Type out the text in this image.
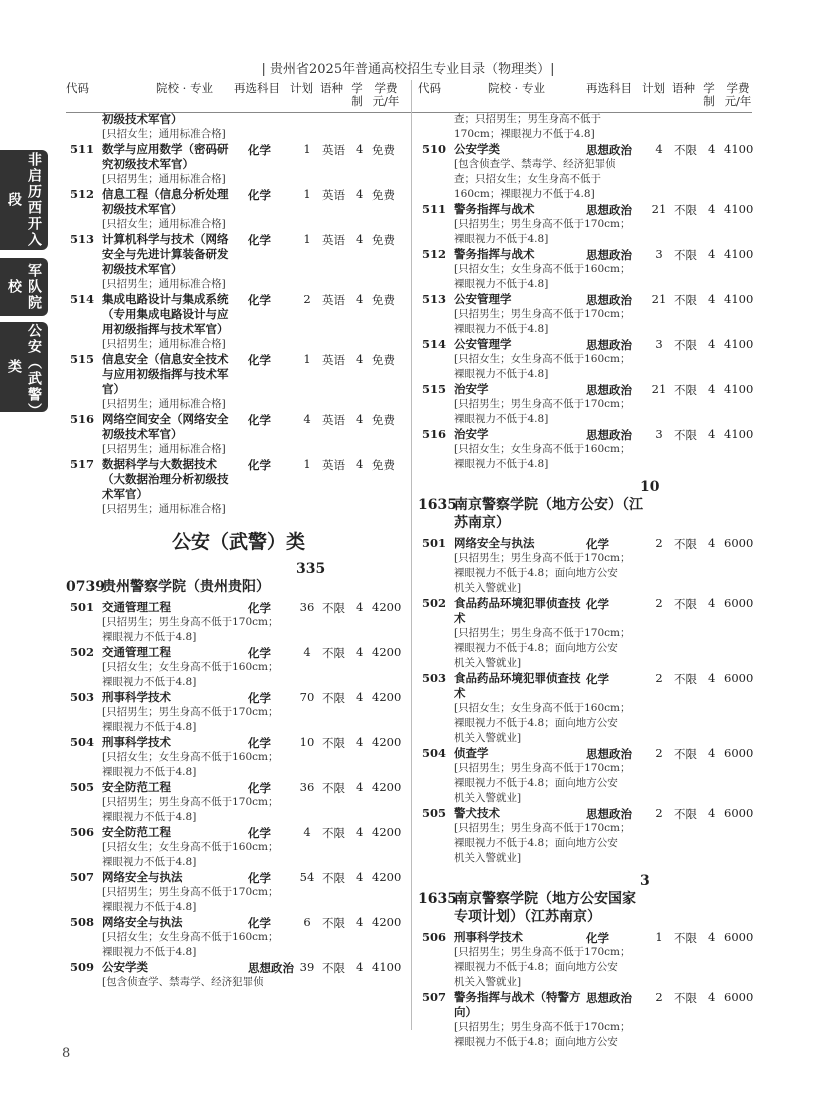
| 贵州省2025年普通高校招生专业目录（物理类）|
非启历西开入段
军队院校
公安（武警）类
代码	院校 · 专业 再选科目 计划 语种 学
制
学费
元/年
代码	院校 · 专业	再选科目 计划 语种 学
制
学费
元/年
初级技术军官）
[只招女生；通用标准合格]
511 数学与应用数学（密码研
究初级技术军官）
化学	1 英语 4 免费
[只招男生；通用标准合格]
512 信息工程（信息分析处理
初级技术军官）
化学	1 英语 4 免费
[只招女生；通用标准合格]
513 计算机科学与技术（网络
安全与先进计算装备研发
初级技术军官）
化学	1 英语 4 免费
[只招男生；通用标准合格]
514 集成电路设计与集成系统
（专用集成电路设计与应
用初级指挥与技术军官）
化学	2 英语 4 免费
[只招男生；通用标准合格]
515 信息安全（信息安全技术
与应用初级指挥与技术军
官）
化学	1 英语 4 免费
[只招男生；通用标准合格]
516 网络空间安全（网络安全
初级技术军官）
化学	4 英语 4 免费
[只招男生；通用标准合格]
517 数据科学与大数据技术
（大数据治理分析初级技
术军官）
化学	1 英语 4 免费
[只招男生；通用标准合格]
公安（武警）类

0739贵州警察学院（贵州贵阳）
335

501 交通管理工程	化学 36 不限 4 4200
[只招男生；男生身高不低于170cm；
裸眼视力不低于4.8]
502 交通管理工程	化学	4 不限 4 4200
[只招女生；女生身高不低于160cm；
裸眼视力不低于4.8]
503 刑事科学技术	化学 70 不限 4 4200
[只招男生；男生身高不低于170cm；
裸眼视力不低于4.8]
504 刑事科学技术	化学 10 不限 4 4200
[只招女生；女生身高不低于160cm；
裸眼视力不低于4.8]
505 安全防范工程	化学 36 不限 4 4200
[只招男生；男生身高不低于170cm；
裸眼视力不低于4.8]
506 安全防范工程	化学	4 不限 4 4200
[只招女生；女生身高不低于160cm；
裸眼视力不低于4.8]
507 网络安全与执法	化学 54 不限 4 4200
[只招男生；男生身高不低于170cm；
裸眼视力不低于4.8]
508 网络安全与执法	化学	6 不限 4 4200
[只招女生；女生身高不低于160cm；
裸眼视力不低于4.8]
509 公安学类	思想政治 39 不限 4 4100
[包含侦查学、禁毒学、经济犯罪侦
查；只招男生；男生身高不低于
170cm；裸眼视力不低于4.8]
510 公安学类	思想政治	4 不限 4 4100
[包含侦查学、禁毒学、经济犯罪侦
查；只招女生；女生身高不低于
160cm；裸眼视力不低于4.8]
511 警务指挥与战术	思想政治 21 不限 4 4100
[只招男生；男生身高不低于170cm；
裸眼视力不低于4.8]
512 警务指挥与战术	思想政治	3 不限 4 4100
[只招女生；女生身高不低于160cm；
裸眼视力不低于4.8]
513 公安管理学	思想政治 21 不限 4 4100
[只招男生；男生身高不低于170cm；
裸眼视力不低于4.8]
514 公安管理学	思想政治	3 不限 4 4100
[只招女生；女生身高不低于160cm；
裸眼视力不低于4.8]
515 治安学	思想政治 21 不限 4 4100
[只招男生；男生身高不低于170cm；
裸眼视力不低于4.8]
516 治安学	思想政治	3 不限 4 4100
[只招女生；女生身高不低于160cm；
裸眼视力不低于4.8]

1635南京警察学院（地方公安）（江
苏南京）
10

501 网络安全与执法	化学	2 不限 4 6000
[只招男生；男生身高不低于170cm；
裸眼视力不低于4.8；面向地方公安
机关入警就业]
502 食品药品环境犯罪侦查技
术
化学	2 不限 4 6000
[只招男生；男生身高不低于170cm；
裸眼视力不低于4.8；面向地方公安
机关入警就业]
503 食品药品环境犯罪侦查技
术
化学	2 不限 4 6000
[只招女生；女生身高不低于160cm；
裸眼视力不低于4.8；面向地方公安
机关入警就业]
504 侦查学	思想政治	2 不限 4 6000
[只招男生；男生身高不低于170cm；
裸眼视力不低于4.8；面向地方公安
机关入警就业]
505 警犬技术	思想政治	2 不限 4 6000
[只招男生；男生身高不低于170cm；
裸眼视力不低于4.8；面向地方公安
机关入警就业]

1635南京警察学院（地方公安国家
专项计划）（江苏南京）
3

506 刑事科学技术	化学	1 不限 4 6000
[只招男生；男生身高不低于170cm；
裸眼视力不低于4.8；面向地方公安
机关入警就业]
507 警务指挥与战术（特警方
向）
思想政治	2 不限 4 6000
[只招男生；男生身高不低于170cm；
裸眼视力不低于4.8；面向地方公安
8
